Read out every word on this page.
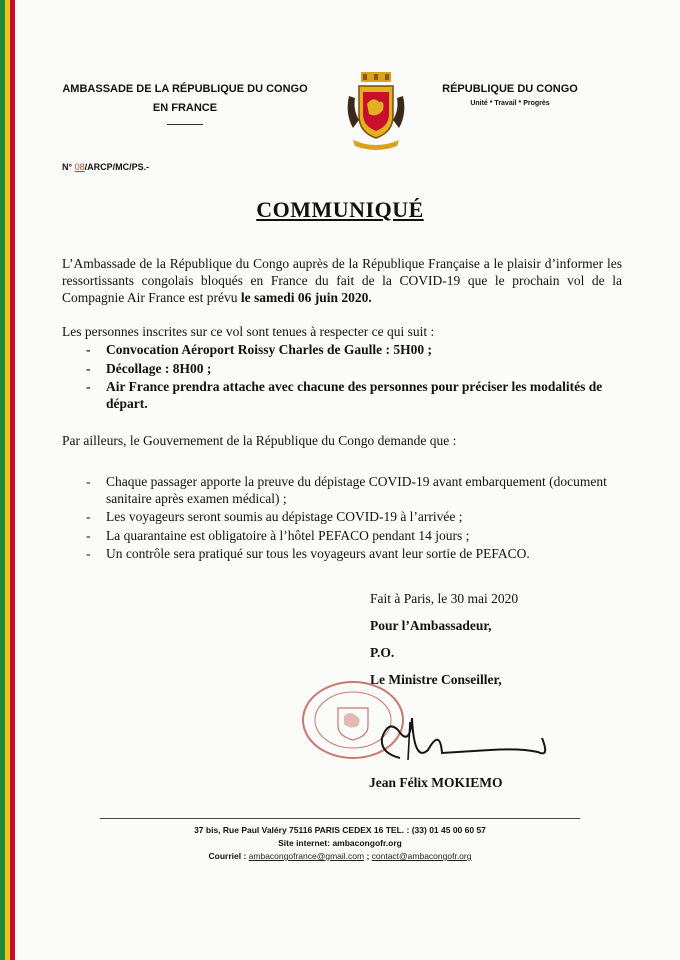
AMBASSADE DE LA RÉPUBLIQUE DU CONGO
EN FRANCE
RÉPUBLIQUE DU CONGO
Unité * Travail * Progrès
N° 08/ARCP/MC/PS.-
COMMUNIQUÉ
L’Ambassade de la République du Congo auprès de la République Française a le plaisir d’informer les ressortissants congolais bloqués en France du fait de la COVID-19 que le prochain vol de la Compagnie Air France est prévu le samedi 06 juin 2020.
Les personnes inscrites sur ce vol sont tenues à respecter ce qui suit :
- Convocation Aéroport Roissy Charles de Gaulle : 5H00 ;
- Décollage : 8H00 ;
- Air France prendra attache avec chacune des personnes pour préciser les modalités de départ.
Par ailleurs, le Gouvernement de la République du Congo demande que :
- Chaque passager apporte la preuve du dépistage COVID-19 avant embarquement (document sanitaire après examen médical) ;
- Les voyageurs seront soumis au dépistage COVID-19 à l’arrivée ;
- La quarantaine est obligatoire à l’hôtel PEFACO pendant 14 jours ;
- Un contrôle sera pratiqué sur tous les voyageurs avant leur sortie de PEFACO.
Fait à Paris, le 30 mai 2020
Pour l’Ambassadeur,
P.O.
Le Ministre Conseiller,
Jean Félix MOKIEMO
37 bis, Rue Paul Valéry 75116 PARIS CEDEX 16 TEL. : (33) 01 45 00 60 57
Site internet: ambacongofr.org
Courriel : ambacongofrance@gmail.com ; contact@ambacongofr.org
